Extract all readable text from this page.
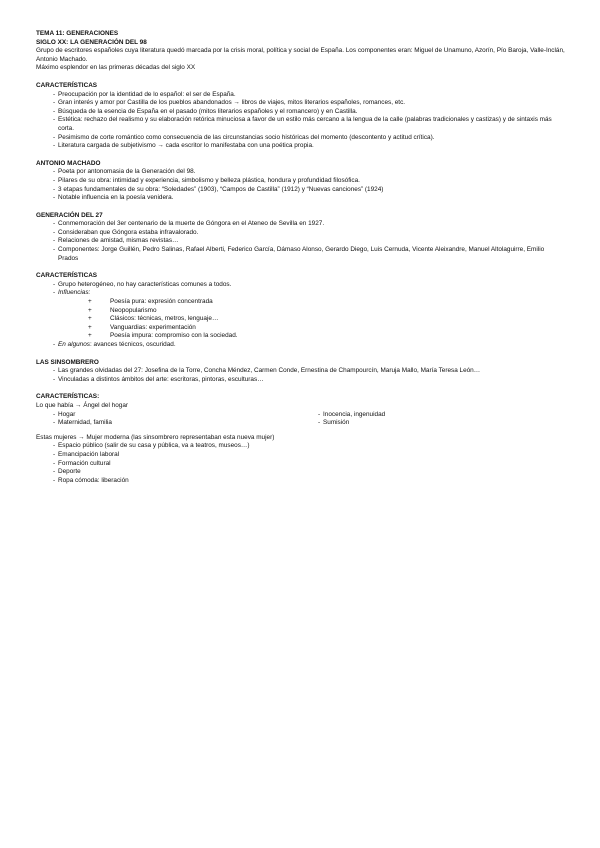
TEMA 11: GENERACIONES
SIGLO XX: LA GENERACIÓN DEL 98
Grupo de escritores españoles cuya literatura quedó marcada por la crisis moral, política y social de España. Los componentes eran: Miguel de Unamuno, Azorín, Pío Baroja, Valle-Inclán, Antonio Machado.
Máximo esplendor en las primeras décadas del siglo XX
CARACTERÍSTICAS
- Preocupación por la identidad de lo español: el ser de España.
- Gran interés y amor por Castilla de los pueblos abandonados → libros de viajes, mitos literarios españoles, romances, etc.
- Búsqueda de la esencia de España en el pasado (mitos literarios españoles y el romancero) y en Castilla.
- Estética: rechazo del realismo y su elaboración retórica minuciosa a favor de un estilo más cercano a la lengua de la calle (palabras tradicionales y castizas) y de sintaxis más corta.
- Pesimismo de corte romántico como consecuencia de las circunstancias socio históricas del momento (descontento y actitud crítica).
- Literatura cargada de subjetivismo → cada escritor lo manifestaba con una poética propia.
ANTONIO MACHADO
- Poeta por antonomasia de la Generación del 98.
- Pilares de su obra: intimidad y experiencia, simbolismo y belleza plástica, hondura y profundidad filosófica.
- 3 etapas fundamentales de su obra: “Soledades” (1903), “Campos de Castilla” (1912) y “Nuevas canciones” (1924)
- Notable influencia en la poesía venidera.
GENERACIÓN DEL 27
- Conmemoración del 3er centenario de la muerte de Góngora en el Ateneo de Sevilla en 1927.
- Consideraban que Góngora estaba infravalorado.
- Relaciones de amistad, mismas revistas…
- Componentes: Jorge Guillén, Pedro Salinas, Rafael Alberti, Federico García, Dámaso Alonso, Gerardo Diego, Luis Cernuda, Vicente Aleixandre, Manuel Altolaguirre, Emilio Prados
CARACTERÍSTICAS
- Grupo heterogéneo, no hay características comunes a todos.
- Influencias:
+ Poesía pura: expresión concentrada
+ Neopopularismo
+ Clásicos: técnicas, metros, lenguaje…
+ Vanguardias: experimentación
+ Poesía impura: compromiso con la sociedad.
- En algunos: avances técnicos, oscuridad.
LAS SINSOMBRERO
- Las grandes olvidadas del 27: Josefina de la Torre, Concha Méndez, Carmen Conde, Ernestina de Champourcín, Maruja Mallo, María Teresa León…
- Vinculadas a distintos ámbitos del arte: escritoras, pintoras, esculturas…
CARACTERÍSTICAS:
Lo que había → Ángel del hogar
- Hogar
- Maternidad, familia
- Inocencia, ingenuidad
- Sumisión
Estas mujeres → Mujer moderna (las sinsombrero representaban esta nueva mujer)
- Espacio público (salir de su casa y pública, va a teatros, museos…)
- Emancipación laboral
- Formación cultural
- Deporte
- Ropa cómoda: liberación
